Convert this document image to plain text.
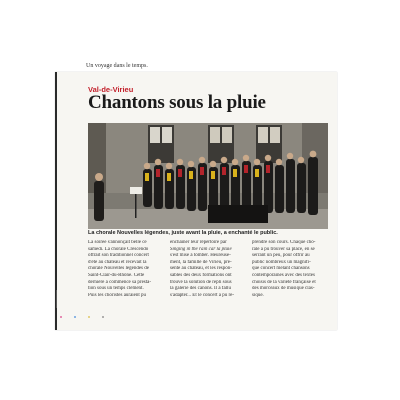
Un voyage dans le temps.
Val-de-Virieu
Chantons sous la pluie
La chorale Nouvelles légendes, juste avant la pluie, a enchanté le public.
La soirée s'annonçait belle ce
samedi. La chorale Crescendo
offrait son traditionnel concert
d'été au château et recevait la
chorale Nouvelles légendes de
Saint-Clair-du-Rhône. Cette
dernière a commencé sa presta-
tion sous un temps clément.
Puis les choristes auraient pu
enchaîner leur répertoire par
Singing in the rain car la pluie
s'est mise à tomber. Heureuse-
ment, la famille de Virieu, pré-
sente au château, et les respon-
sables des deux formations ont
trouvé la solution de repli sous
la galerie des canons. Il a fallu
s'adapter... Et le concert a pu re-
prendre son cours. Chaque cho-
rale a pu trouver sa place, en se
serrant un peu, pour offrir au
public nombreux un magnifi-
que concert mêlant chansons
contemporaines avec des textes
choisis de la variété française et
des morceaux de musique clas-
sique.
